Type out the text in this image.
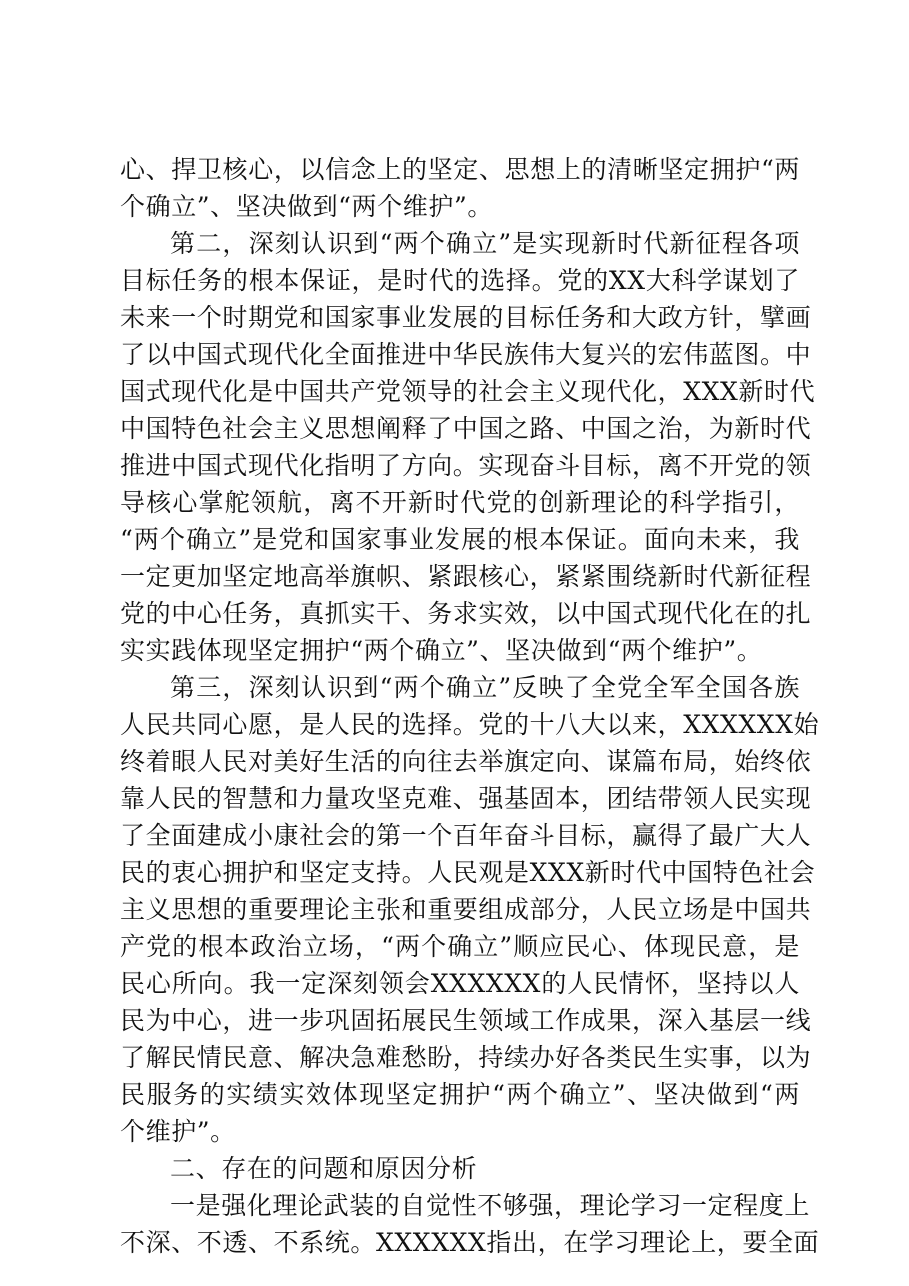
心、捍卫核心，以信念上的坚定、思想上的清晰坚定拥护“两
个确立”、坚决做到“两个维护”。
第二，深刻认识到“两个确立”是实现新时代新征程各项
目标任务的根本保证，是时代的选择。党的XX大科学谋划了
未来一个时期党和国家事业发展的目标任务和大政方针，擘画
了以中国式现代化全面推进中华民族伟大复兴的宏伟蓝图。中
国式现代化是中国共产党领导的社会主义现代化，XXX新时代
中国特色社会主义思想阐释了中国之路、中国之治，为新时代
推进中国式现代化指明了方向。实现奋斗目标，离不开党的领
导核心掌舵领航，离不开新时代党的创新理论的科学指引，
“两个确立”是党和国家事业发展的根本保证。面向未来，我
一定更加坚定地高举旗帜、紧跟核心，紧紧围绕新时代新征程
党的中心任务，真抓实干、务求实效，以中国式现代化在的扎
实实践体现坚定拥护“两个确立”、坚决做到“两个维护”。
第三，深刻认识到“两个确立”反映了全党全军全国各族
人民共同心愿，是人民的选择。党的十八大以来，XXXXXX始
终着眼人民对美好生活的向往去举旗定向、谋篇布局，始终依
靠人民的智慧和力量攻坚克难、强基固本，团结带领人民实现
了全面建成小康社会的第一个百年奋斗目标，赢得了最广大人
民的衷心拥护和坚定支持。人民观是XXX新时代中国特色社会
主义思想的重要理论主张和重要组成部分，人民立场是中国共
产党的根本政治立场，“两个确立”顺应民心、体现民意，是
民心所向。我一定深刻领会XXXXXX的人民情怀，坚持以人
民为中心，进一步巩固拓展民生领域工作成果，深入基层一线
了解民情民意、解决急难愁盼，持续办好各类民生实事，以为
民服务的实绩实效体现坚定拥护“两个确立”、坚决做到“两
个维护”。
二、存在的问题和原因分析
一是强化理论武装的自觉性不够强，理论学习一定程度上
不深、不透、不系统。XXXXXX指出，在学习理论上，要全面
